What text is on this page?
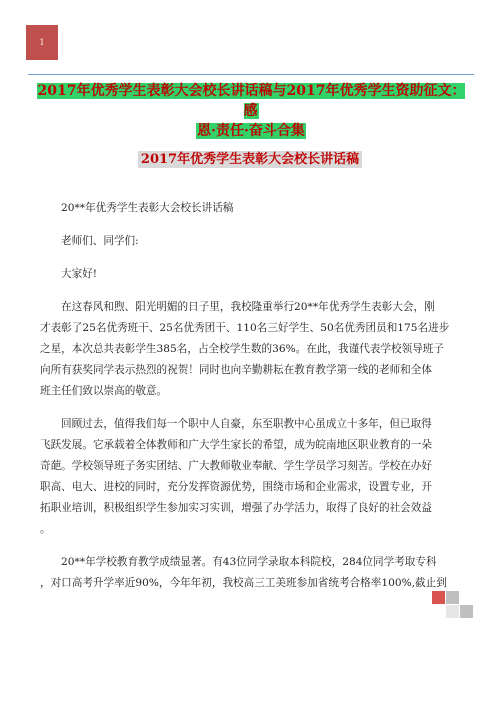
1
2017年优秀学生表彰大会校长讲话稿与2017年优秀学生资助征文：感
恩·责任·奋斗合集
2017年优秀学生表彰大会校长讲话稿

20**年优秀学生表彰大会校长讲话稿

老师们、同学们:

大家好!

在这春风和煦、阳光明媚的日子里，我校隆重举行20**年优秀学生表彰大会，刚

才表彰了25名优秀班干、25名优秀团干、110名三好学生、50名优秀团员和175名进步

之星，本次总共表彰学生385名，占全校学生数的36%。在此，我谨代表学校领导班子

向所有获奖同学表示热烈的祝贺！同时也向辛勤耕耘在教育教学第一线的老师和全体

班主任们致以崇高的敬意。

回顾过去，值得我们每一个职中人自豪，东至职教中心虽成立十多年，但已取得

飞跃发展。它承载着全体教师和广大学生家长的希望，成为皖南地区职业教育的一朵

奇葩。学校领导班子务实团结、广大教师敬业奉献、学生学员学习刻苦。学校在办好

职高、电大、进校的同时，充分发挥资源优势，围绕市场和企业需求，设置专业，开

拓职业培训，积极组织学生参加实习实训，增强了办学活力，取得了良好的社会效益

。

20**年学校教育教学成绩显著。有43位同学录取本科院校，284位同学考取专科

，对口高考升学率近90%，今年年初，我校高三工美班参加省统考合格率100%,截止到
